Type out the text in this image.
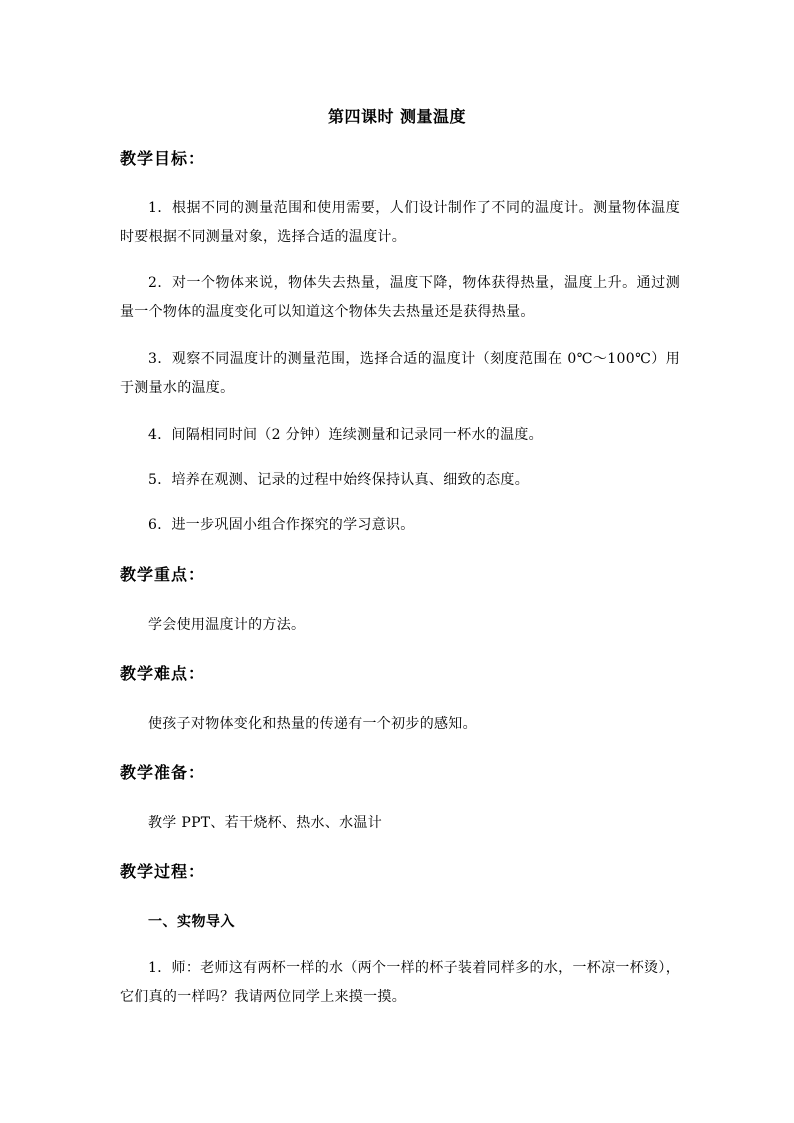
第四课时 测量温度
教学目标：
1．根据不同的测量范围和使用需要，人们设计制作了不同的温度计。测量物体温度时要根据不同测量对象，选择合适的温度计。
2．对一个物体来说，物体失去热量，温度下降，物体获得热量，温度上升。通过测量一个物体的温度变化可以知道这个物体失去热量还是获得热量。
3．观察不同温度计的测量范围，选择合适的温度计（刻度范围在 0℃～100℃）用于测量水的温度。
4．间隔相同时间（2 分钟）连续测量和记录同一杯水的温度。
5．培养在观测、记录的过程中始终保持认真、细致的态度。
6．进一步巩固小组合作探究的学习意识。
教学重点：
学会使用温度计的方法。
教学难点：
使孩子对物体变化和热量的传递有一个初步的感知。
教学准备：
教学 PPT、若干烧杯、热水、水温计
教学过程：
一、实物导入
1．师：老师这有两杯一样的水（两个一样的杯子装着同样多的水，一杯凉一杯烫），它们真的一样吗？我请两位同学上来摸一摸。
